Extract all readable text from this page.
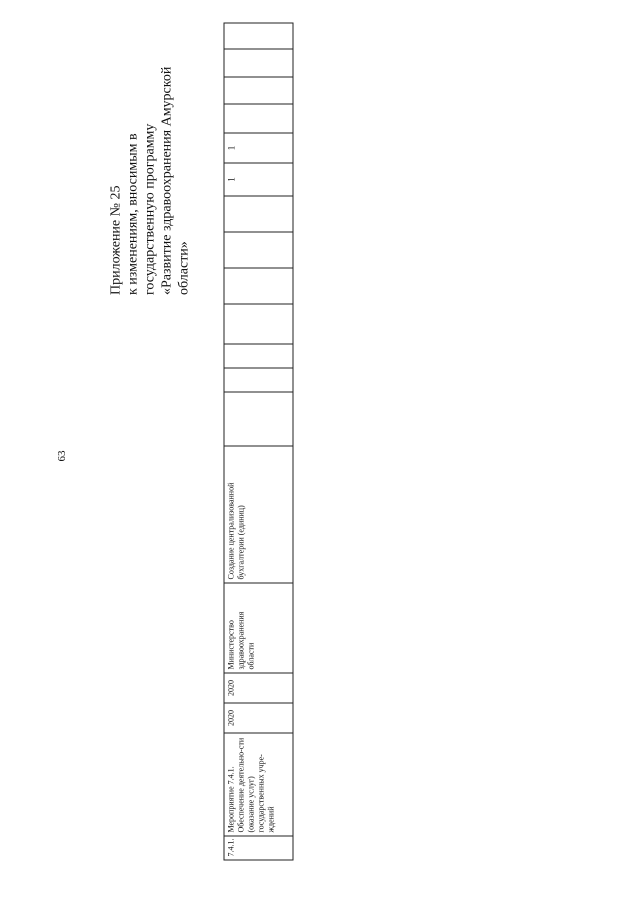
63
Приложение № 25 к изменениям, вносимым в государственную программу «Развитие здравоохранения Амурской области»
7.4.1.	Мероприятие 7.4.1. Обеспечение деятельно-сти (оказание услуг) государственных учре-ждений	2020	2020	Министерство здравоохранения области	Создание централизованной бухгалтерии (единиц)								1	1				
